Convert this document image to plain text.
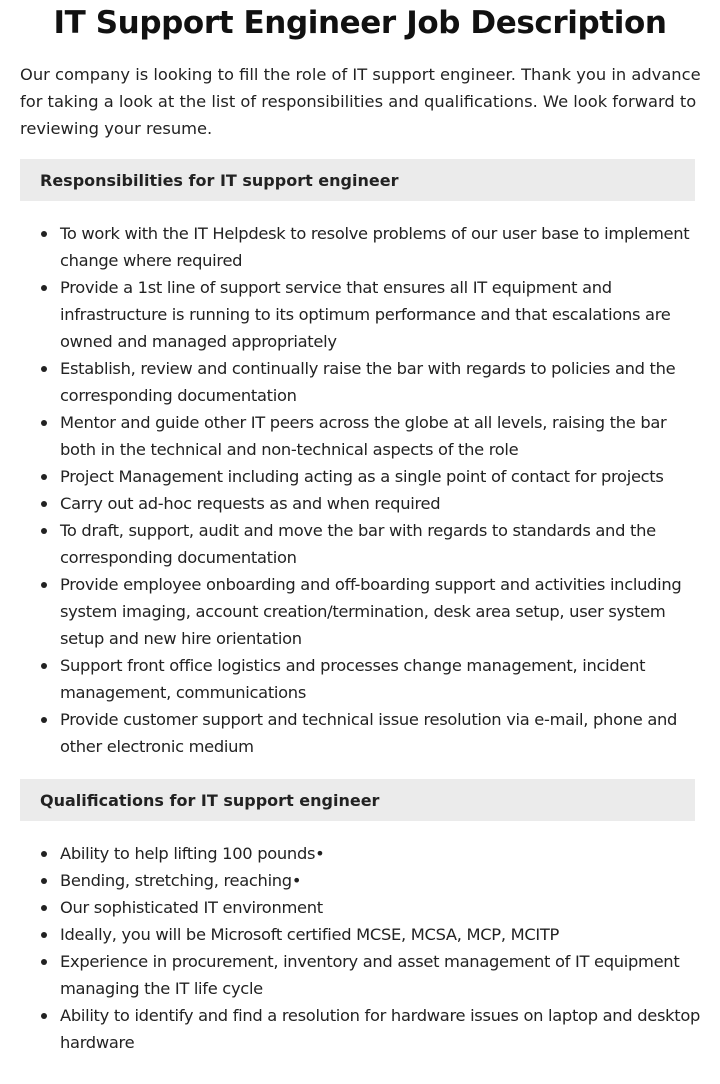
IT Support Engineer Job Description

Our company is looking to fill the role of IT support engineer. Thank you in advance for taking a look at the list of responsibilities and qualifications. We look forward to reviewing your resume.

Responsibilities for IT support engineer
To work with the IT Helpdesk to resolve problems of our user base to implement change where required
Provide a 1st line of support service that ensures all IT equipment and infrastructure is running to its optimum performance and that escalations are owned and managed appropriately
Establish, review and continually raise the bar with regards to policies and the corresponding documentation
Mentor and guide other IT peers across the globe at all levels, raising the bar both in the technical and non-technical aspects of the role
Project Management including acting as a single point of contact for projects
Carry out ad-hoc requests as and when required
To draft, support, audit and move the bar with regards to standards and the corresponding documentation
Provide employee onboarding and off-boarding support and activities including system imaging, account creation/termination, desk area setup, user system setup and new hire orientation
Support front office logistics and processes change management, incident management, communications
Provide customer support and technical issue resolution via e-mail, phone and other electronic medium
Qualifications for IT support engineer
Ability to help lifting 100 pounds•
Bending, stretching, reaching•
Our sophisticated IT environment
Ideally, you will be Microsoft certified MCSE, MCSA, MCP, MCITP
Experience in procurement, inventory and asset management of IT equipment managing the IT life cycle
Ability to identify and find a resolution for hardware issues on laptop and desktop hardware
